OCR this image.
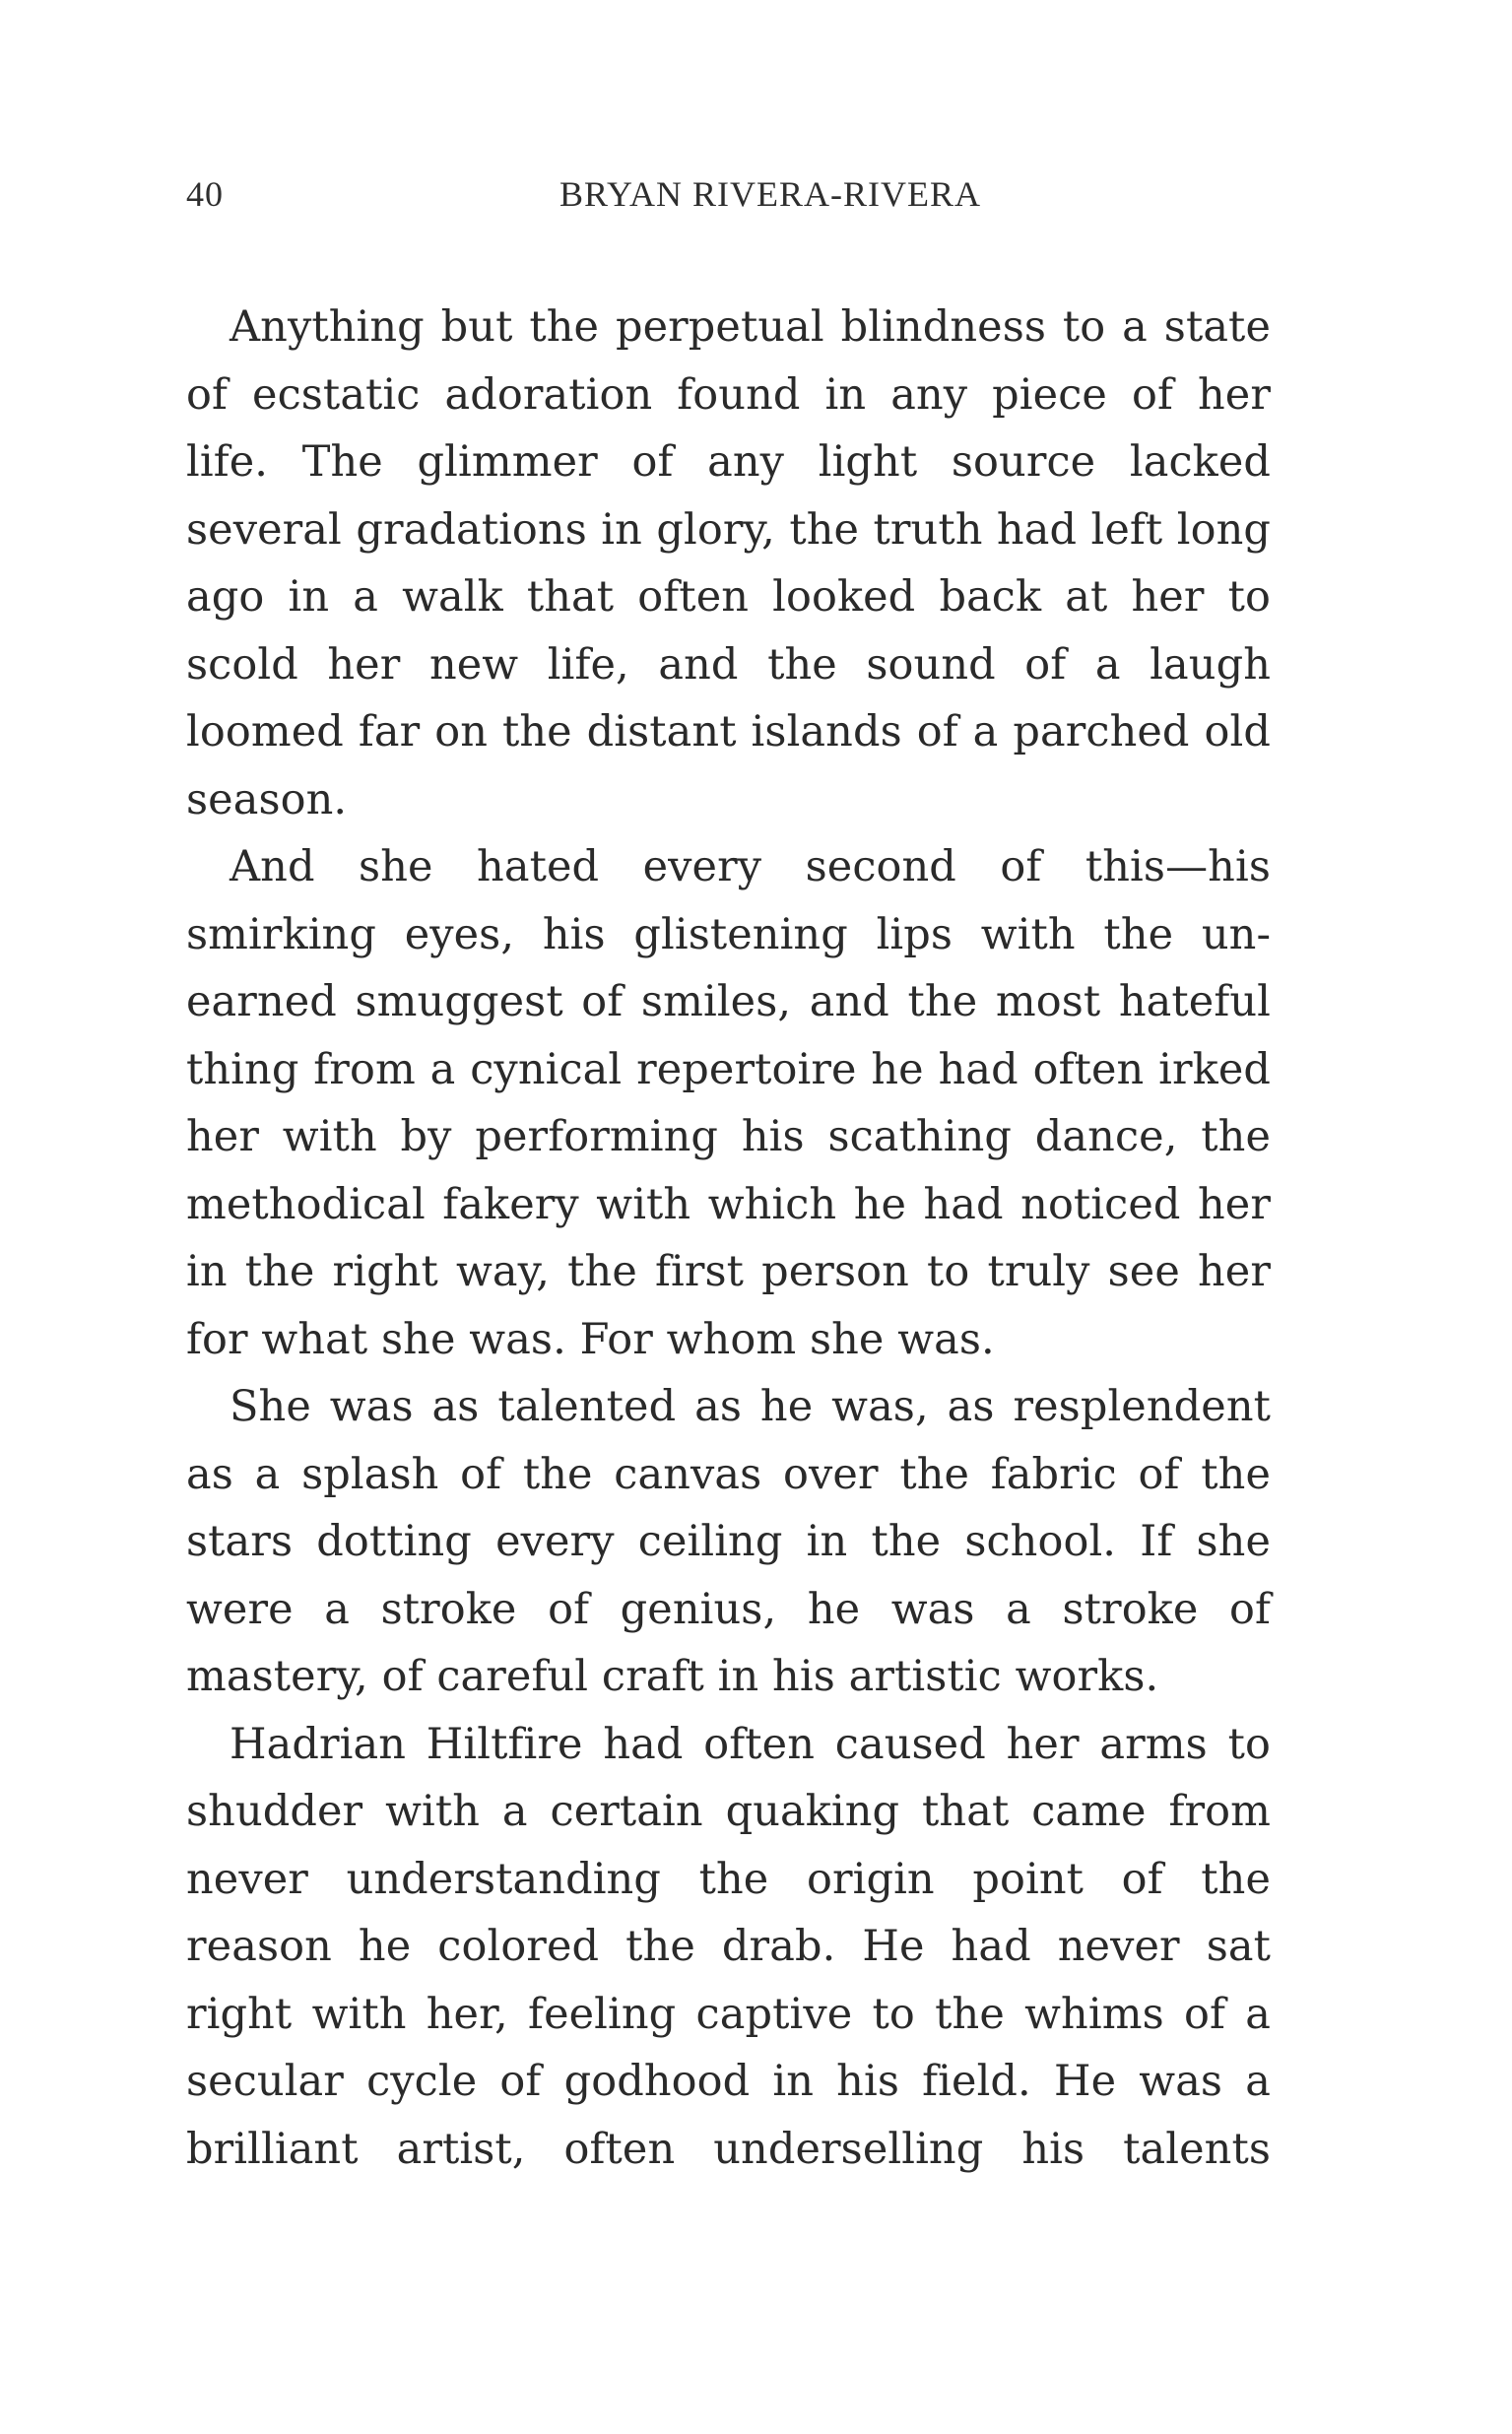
40	BRYAN RIVERA-RIVERA

Anything but the perpetual blindness to a state of ecstatic adoration found in any piece of her life. The glimmer of any light source lacked several gradations in glory, the truth had left long ago in a walk that often looked back at her to scold her new life, and the sound of a laugh loomed far on the distant islands of a parched old season.

And she hated every second of this—his smirking eyes, his glistening lips with the unearned smuggest of smiles, and the most hateful thing from a cynical repertoire he had often irked her with by performing his scathing dance, the methodical fakery with which he had noticed her in the right way, the first person to truly see her for what she was. For whom she was.

She was as talented as he was, as resplendent as a splash of the canvas over the fabric of the stars dotting every ceiling in the school. If she were a stroke of genius, he was a stroke of mastery, of careful craft in his artistic works.

Hadrian Hiltfire had often caused her arms to shudder with a certain quaking that came from never understanding the origin point of the reason he colored the drab. He had never sat right with her, feeling captive to the whims of a secular cycle of godhood in his field. He was a brilliant artist, often underselling his talents
